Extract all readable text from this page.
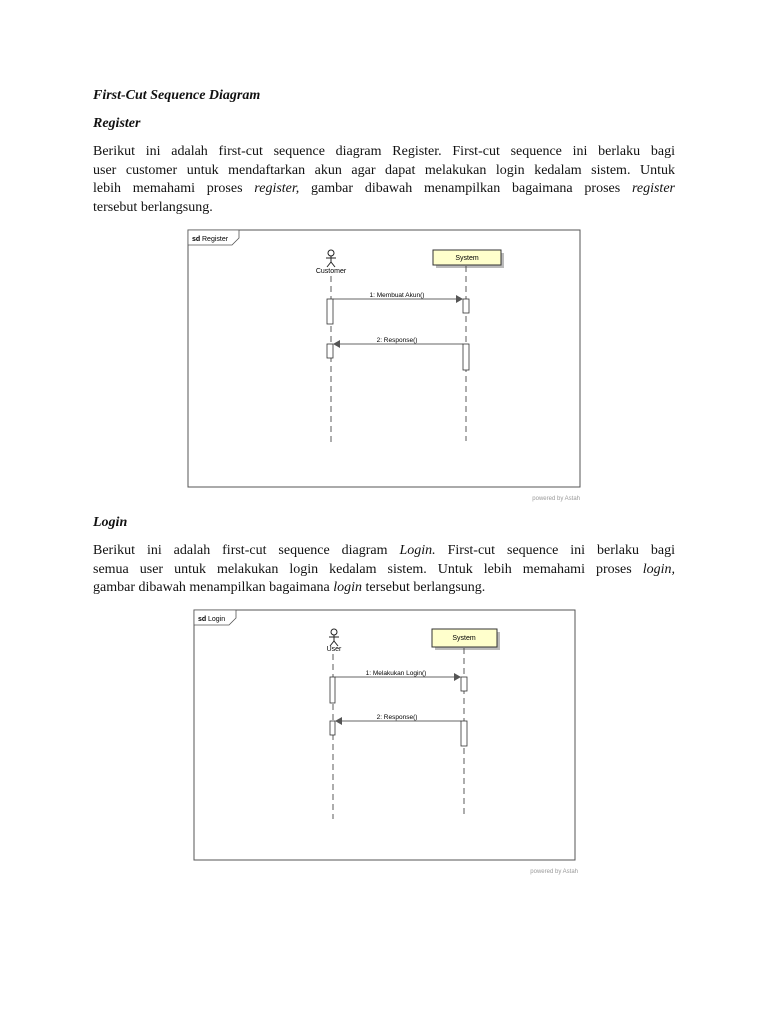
First-Cut Sequence Diagram
Register
Berikut ini adalah first-cut sequence diagram Register. First-cut sequence ini berlaku bagi
user customer untuk mendaftarkan akun agar dapat melakukan login kedalam sistem. Untuk
lebih memahami proses register, gambar dibawah menampilkan bagaimana proses register
tersebut berlangsung.
sd Register
Customer
System
1: Membuat Akun()
2: Response()
powered by Astah
Login
Berikut ini adalah first-cut sequence diagram Login. First-cut sequence ini berlaku bagi
semua user untuk melakukan login kedalam sistem. Untuk lebih memahami proses login,
gambar dibawah menampilkan bagaimana login tersebut berlangsung.
sd Login
User
System
1: Melakukan Login()
2: Response()
powered by Astah
